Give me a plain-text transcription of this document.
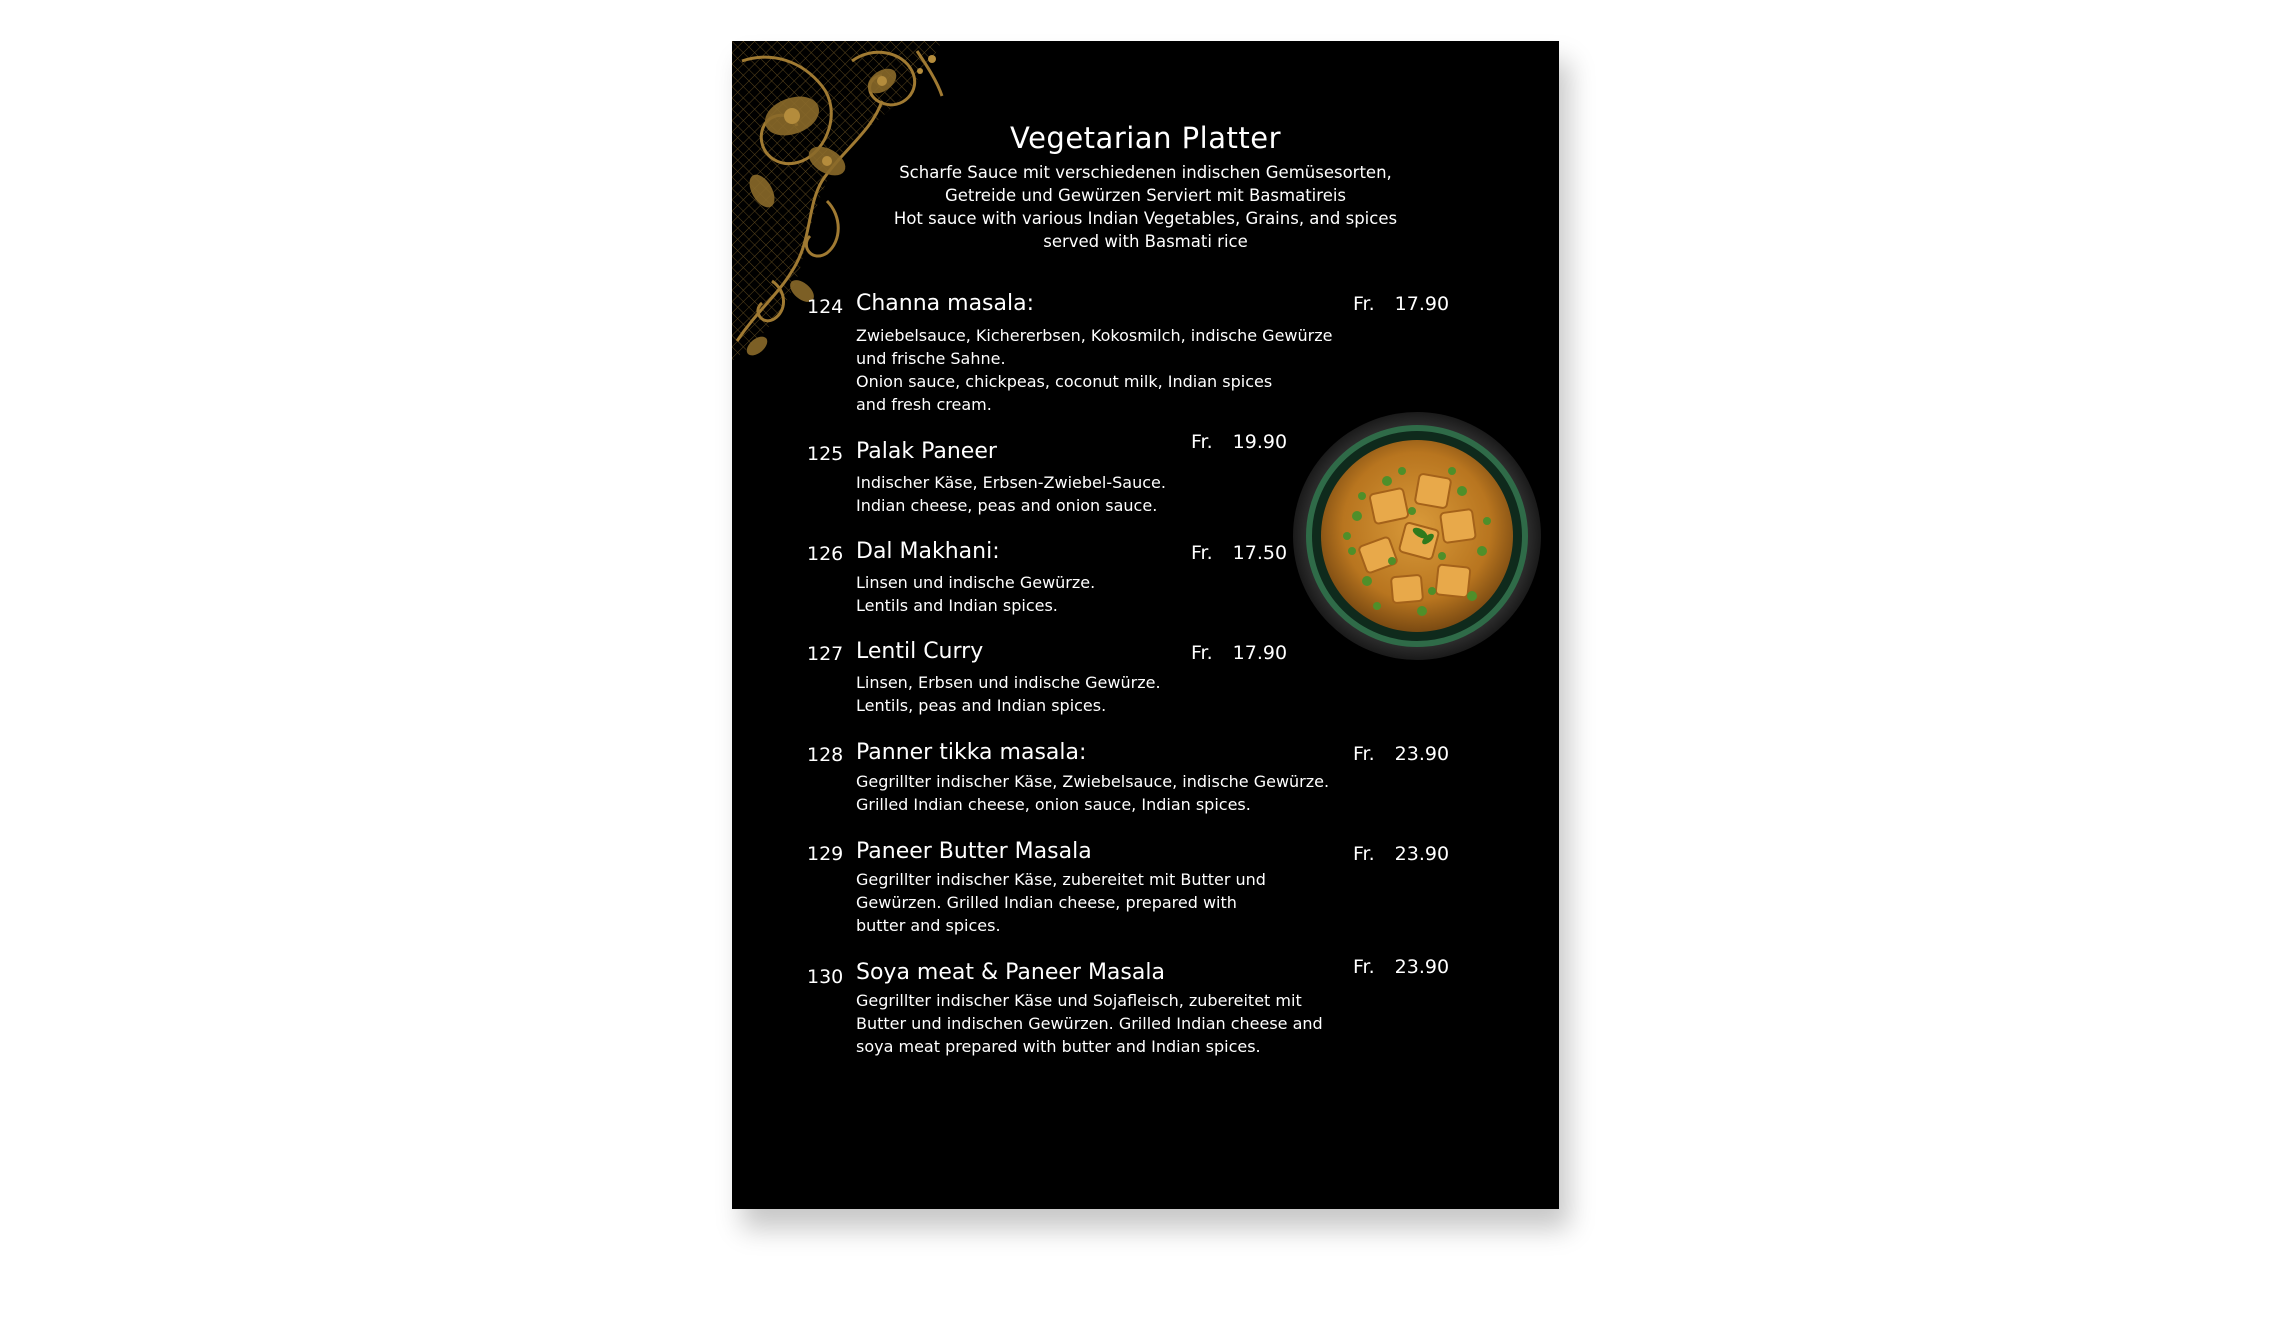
Vegetarian Platter
Scharfe Sauce mit verschiedenen indischen Gemüsesorten,
Getreide und Gewürzen Serviert mit Basmatireis
Hot sauce with various Indian Vegetables, Grains, and spices
served with Basmati rice
124 Channa masala:	Fr. 17.90
Zwiebelsauce, Kichererbsen, Kokosmilch, indische Gewürze
und frische Sahne.
Onion sauce, chickpeas, coconut milk, Indian spices
and fresh cream.
125 Palak Paneer	Fr. 19.90
Indischer Käse, Erbsen-Zwiebel-Sauce.
Indian cheese, peas and onion sauce.
126 Dal Makhani:	Fr. 17.50
Linsen und indische Gewürze.
Lentils and Indian spices.
127 Lentil Curry	Fr. 17.90
Linsen, Erbsen und indische Gewürze.
Lentils, peas and Indian spices.
128 Panner tikka masala:	Fr. 23.90
Gegrillter indischer Käse, Zwiebelsauce, indische Gewürze.
Grilled Indian cheese, onion sauce, Indian spices.
129 Paneer Butter Masala	Fr. 23.90
Gegrillter indischer Käse, zubereitet mit Butter und
Gewürzen. Grilled Indian cheese, prepared with
butter and spices.
130 Soya meat & Paneer Masala	Fr. 23.90
Gegrillter indischer Käse und Sojafleisch, zubereitet mit
Butter und indischen Gewürzen. Grilled Indian cheese and
soya meat prepared with butter and Indian spices.
